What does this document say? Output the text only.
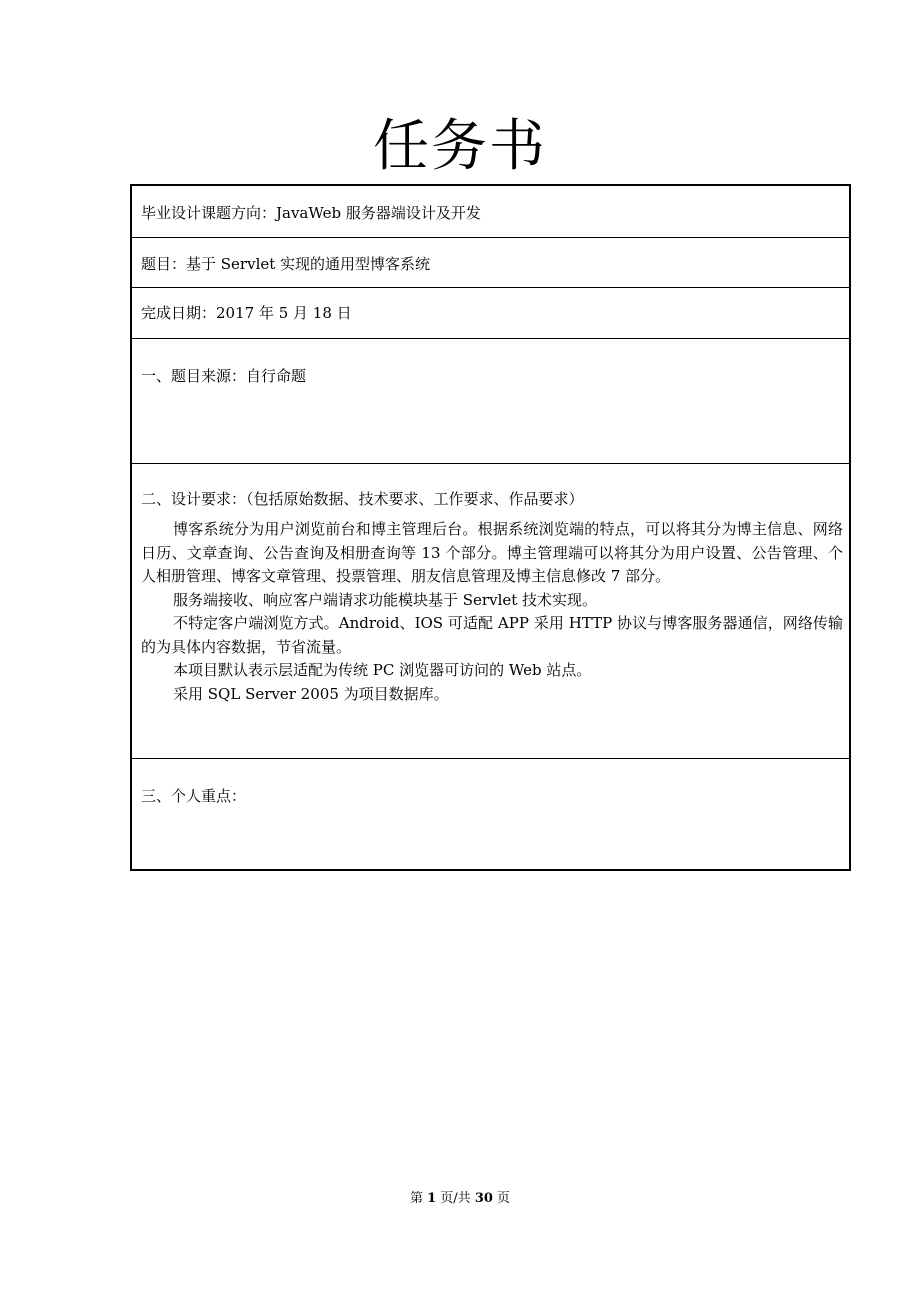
任务书
毕业设计课题方向：JavaWeb 服务器端设计及开发
题目：基于 Servlet 实现的通用型博客系统
完成日期：2017 年 5 月 18 日
一、题目来源：自行命题
二、设计要求：（包括原始数据、技术要求、工作要求、作品要求）

博客系统分为用户浏览前台和博主管理后台。根据系统浏览端的特点，可以将其分为博主信息、网络日历、文章查询、公告查询及相册查询等 13 个部分。博主管理端可以将其分为用户设置、公告管理、个人相册管理、博客文章管理、投票管理、朋友信息管理及博主信息修改 7 部分。

服务端接收、响应客户端请求功能模块基于 Servlet 技术实现。

不特定客户端浏览方式。Android、IOS 可适配 APP 采用 HTTP 协议与博客服务器通信，网络传输的为具体内容数据，节省流量。

本项目默认表示层适配为传统 PC 浏览器可访问的 Web 站点。

采用 SQL Server 2005 为项目数据库。

三、个人重点：
第 1 页/共 30 页
